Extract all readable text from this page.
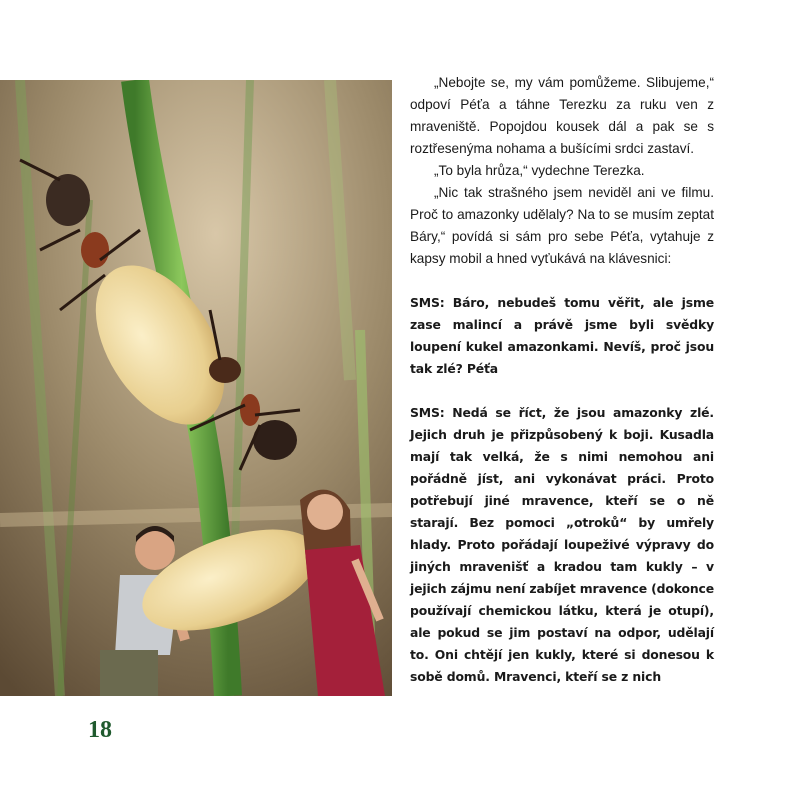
„Nebojte se, my vám pomůžeme. Slibujeme,“ odpoví Péťa a táhne Terezku za ruku ven z mraveniště. Popojdou kousek dál a pak se s roztřesenýma nohama a bušícími srdci zastaví.

„To byla hrůza,“ vydechne Terezka.

„Nic tak strašného jsem neviděl ani ve filmu. Proč to amazonky udělaly? Na to se musím zeptat Báry,“ povídá si sám pro sebe Péťa, vytahuje z kapsy mobil a hned vyťukává na klávesnici:

SMS: Báro, nebudeš tomu věřit, ale jsme zase malincí a právě jsme byli svědky loupení kukel amazonkami. Nevíš, proč jsou tak zlé? Péťa

SMS: Nedá se říct, že jsou amazonky zlé. Jejich druh je přizpůsobený k boji. Kusadla mají tak velká, že s nimi nemohou ani pořádně jíst, ani vykonávat práci. Proto potřebují jiné mravence, kteří se o ně starají. Bez pomoci „otroků“ by umřely hlady. Proto pořádají loupeživé výpravy do jiných mravenišť a kradou tam kukly – v jejich zájmu není zabíjet mravence (dokonce používají chemickou látku, která je otupí), ale pokud se jim postaví na odpor, udělají to. Oni chtějí jen kukly, které si donesou k sobě domů. Mravenci, kteří se z nich

18
